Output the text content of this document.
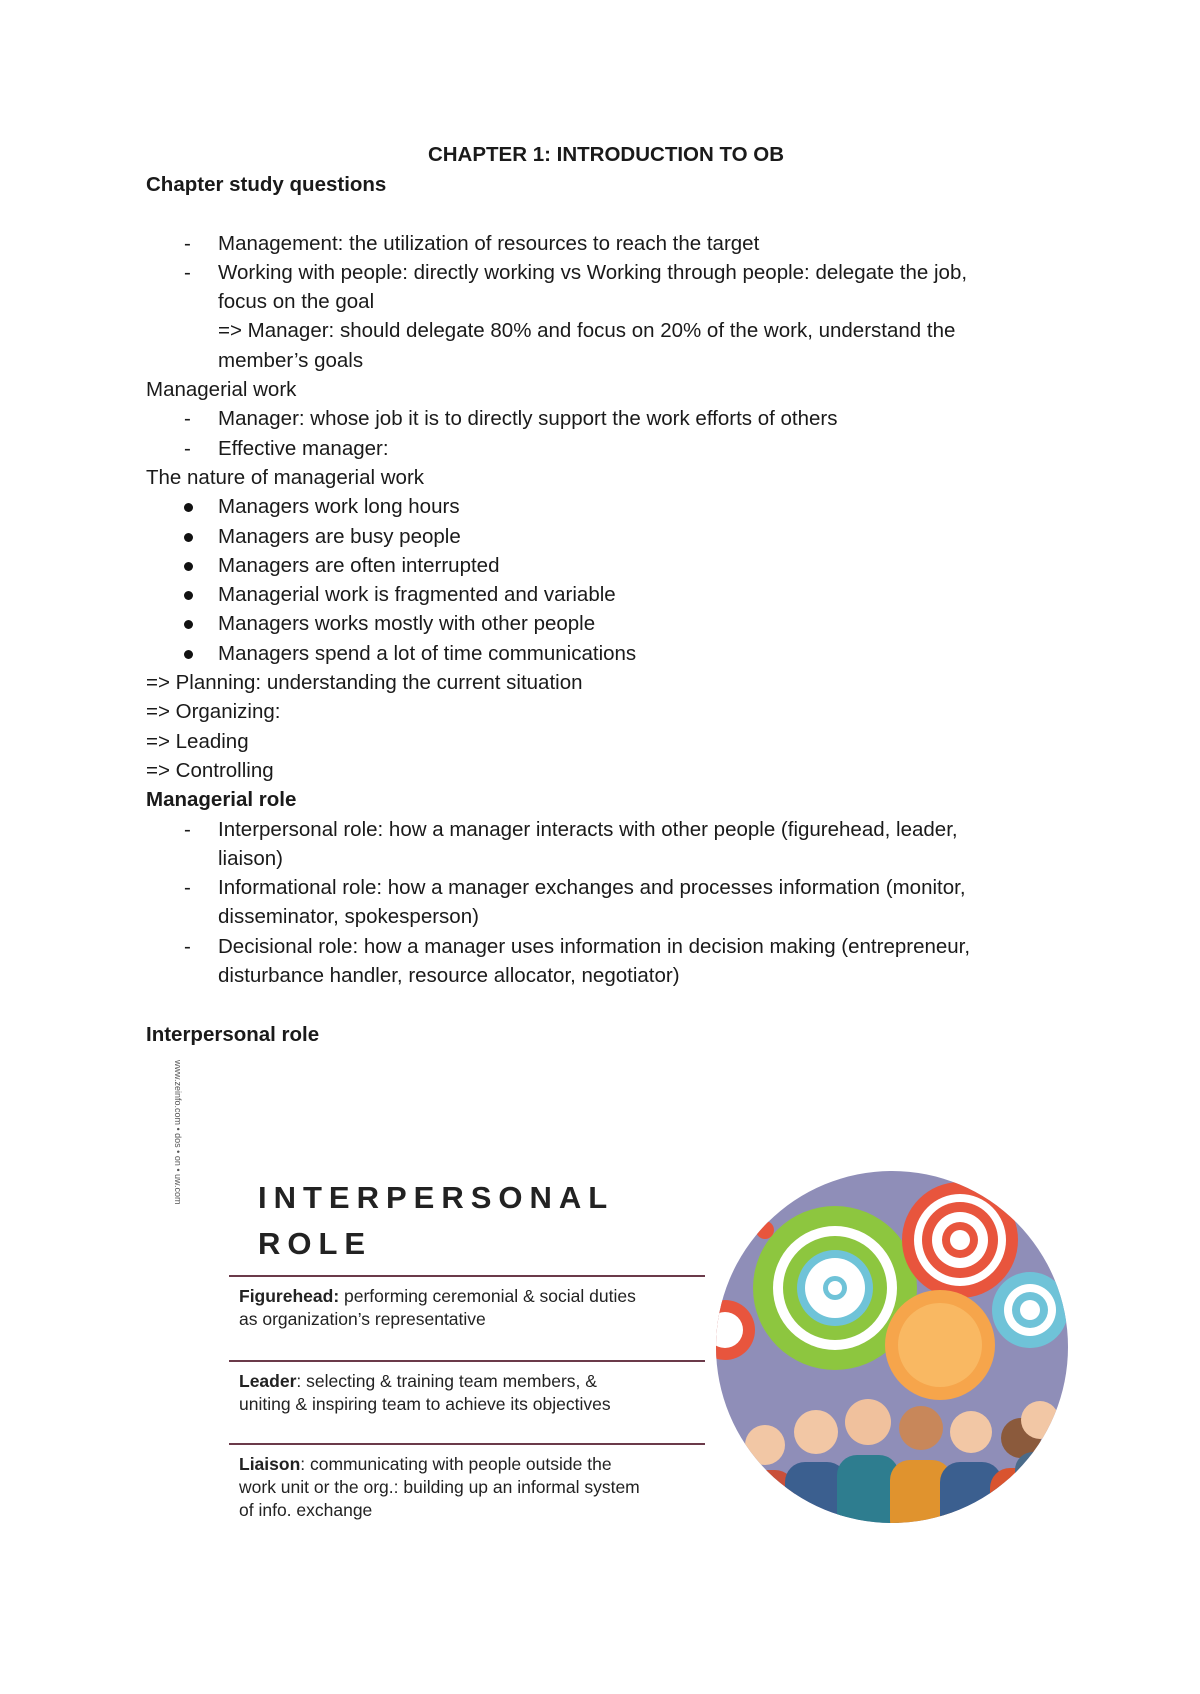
CHAPTER 1: INTRODUCTION TO OB
Chapter study questions
- Management: the utilization of resources to reach the target
- Working with people: directly working vs Working through people: delegate the job,
focus on the goal
=> Manager: should delegate 80% and focus on 20% of the work, understand the
member’s goals
Managerial work
- Manager: whose job it is to directly support the work efforts of others
- Effective manager:
The nature of managerial work
Managers work long hours
Managers are busy people
Managers are often interrupted
Managerial work is fragmented and variable
Managers works mostly with other people
Managers spend a lot of time communications
=> Planning: understanding the current situation
=> Organizing:
=> Leading
=> Controlling
Managerial role
- Interpersonal role: how a manager interacts with other people (figurehead, leader,
liaison)
- Informational role: how a manager exchanges and processes information (monitor,
disseminator, spokesperson)
- Decisional role: how a manager uses information in decision making (entrepreneur,
disturbance handler, resource allocator, negotiator)
Interpersonal role
www.zeinfo.com • dos • on • uw.com INTERPERSONAL
ROLE
Figurehead: performing ceremonial & social duties
as organization’s representative
Leader: selecting & training team members, &
uniting & inspiring team to achieve its objectives
Liaison: communicating with people outside the
work unit or the org.: building up an informal system
of info. exchange
